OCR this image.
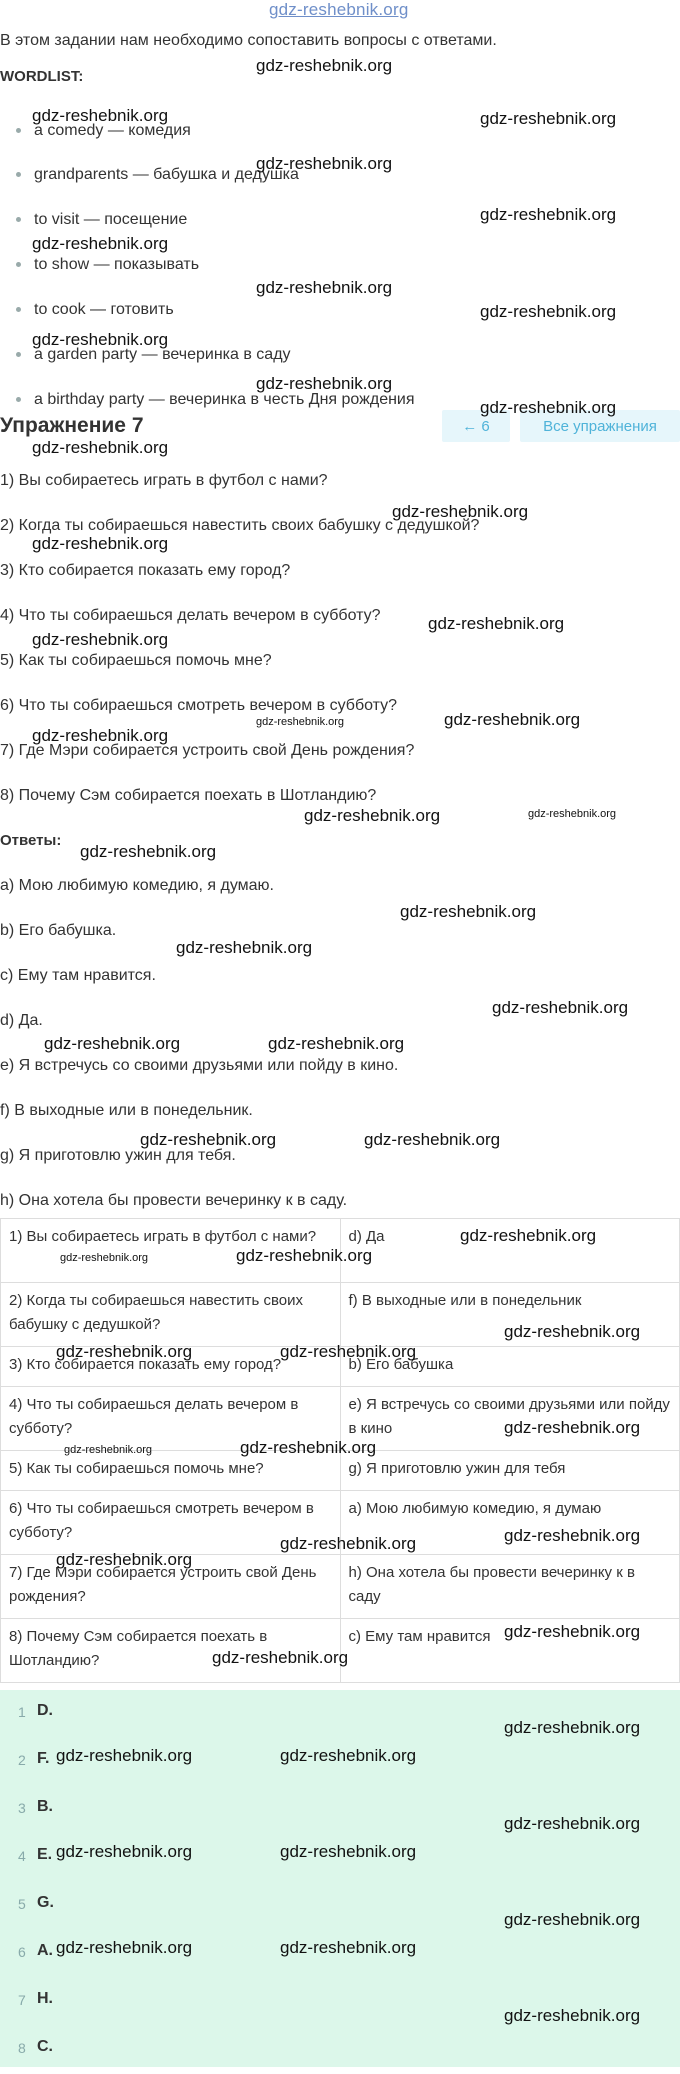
gdz-reshebnik.org
В этом задании нам необходимо сопоставить вопросы с ответами.
WORDLIST:
a comedy — комедия
grandparents — бабушка и дедушка
to visit — посещение
to show — показывать
to cook — готовить
a garden party — вечеринка в саду
a birthday party — вечеринка в честь Дня рождения
Упражнение 7	← 6	Все упражнения
1) Вы собираетесь играть в футбол с нами?
2) Когда ты собираешься навестить своих бабушку с дедушкой?
3) Кто собирается показать ему город?
4) Что ты собираешься делать вечером в субботу?
5) Как ты собираешься помочь мне?
6) Что ты собираешься смотреть вечером в субботу?
7) Где Мэри собирается устроить свой День рождения?
8) Почему Сэм собирается поехать в Шотландию?
Ответы:
a) Мою любимую комедию, я думаю.
b) Его бабушка.
c) Ему там нравится.
d) Да.
e) Я встречусь со своими друзьями или пойду в кино.
f) В выходные или в понедельник.
g) Я приготовлю ужин для тебя.
h) Она хотела бы провести вечеринку к в саду.
1) Вы собираетесь играть в футбол с нами?	d) Да
2) Когда ты собираешься навестить своих бабушку с дедушкой?	f) В выходные или в понедельник
3) Кто собирается показать ему город?	b) Его бабушка
4) Что ты собираешься делать вечером в субботу?	e) Я встречусь со своими друзьями или пойду в кино
5) Как ты собираешься помочь мне?	g) Я приготовлю ужин для тебя
6) Что ты собираешься смотреть вечером в субботу?	a) Мою любимую комедию, я думаю
7) Где Мэри собирается устроить свой День рождения?	h) Она хотела бы провести вечеринку к в саду
8) Почему Сэм собирается поехать в Шотландию?	c) Ему там нравится
1 D.
2 F.
3 B.
4 E.
5 G.
6 A.
7 H.
8 C.
gdz-reshebnik.org
gdz-reshebnik.org	gdz-reshebnik.org
gdz-reshebnik.org
gdz-reshebnik.org
gdz-reshebnik.org
gdz-reshebnik.org
gdz-reshebnik.org
gdz-reshebnik.org
gdz-reshebnik.org
gdz-reshebnik.org
gdz-reshebnik.org
gdz-reshebnik.org
gdz-reshebnik.org
gdz-reshebnik.org
gdz-reshebnik.org
gdz-reshebnik.org	gdz-reshebnik.org
gdz-reshebnik.org
gdz-reshebnik.org	gdz-reshebnik.org
gdz-reshebnik.org
gdz-reshebnik.org
gdz-reshebnik.org
gdz-reshebnik.org
gdz-reshebnik.org	gdz-reshebnik.org
gdz-reshebnik.org	gdz-reshebnik.org
gdz-reshebnik.org
gdz-reshebnik.org	gdz-reshebnik.org
gdz-reshebnik.org
gdz-reshebnik.org	gdz-reshebnik.org
gdz-reshebnik.org
gdz-reshebnik.org	gdz-reshebnik.org
gdz-reshebnik.org
gdz-reshebnik.org
gdz-reshebnik.org
gdz-reshebnik.org
gdz-reshebnik.org
gdz-reshebnik.org
gdz-reshebnik.org	gdz-reshebnik.org
gdz-reshebnik.org
gdz-reshebnik.org	gdz-reshebnik.org
gdz-reshebnik.org
gdz-reshebnik.org	gdz-reshebnik.org
gdz-reshebnik.org
